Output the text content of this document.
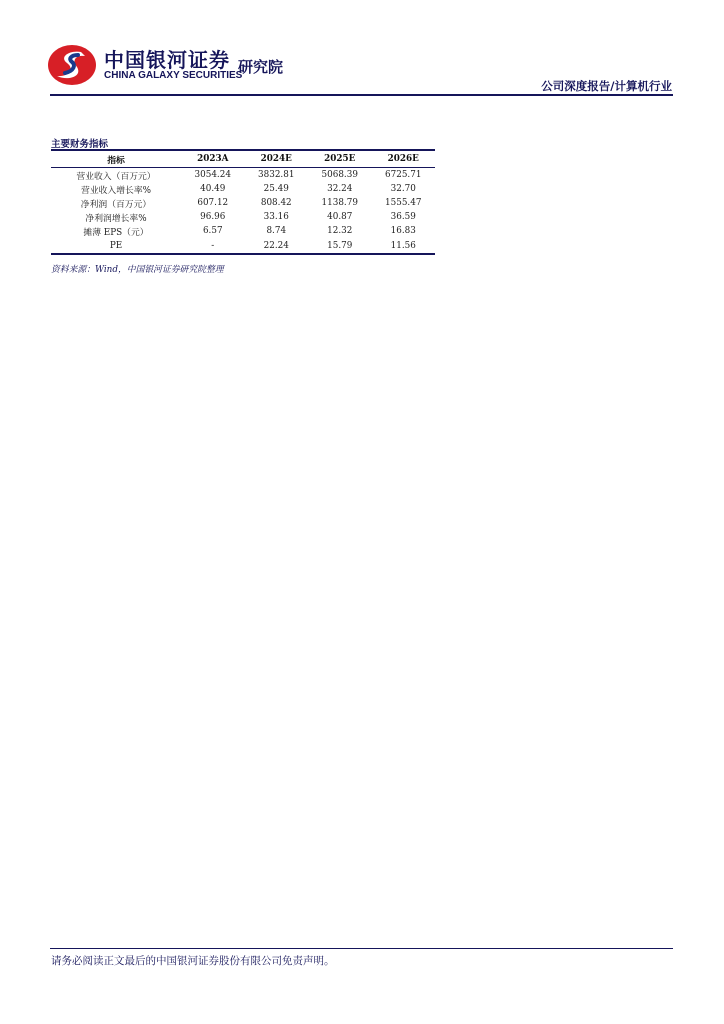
中国银河证券
CHINA GALAXY SECURITIES
研究院
公司深度报告/计算机行业
主要财务指标
指标	2023A	2024E	2025E	2026E
营业收入（百万元）	3054.24	3832.81	5068.39	6725.71
营业收入增长率%	40.49	25.49	32.24	32.70
净利润（百万元）	607.12	808.42	1138.79	1555.47
净利润增长率%	96.96	33.16	40.87	36.59
摊薄 EPS（元）	6.57	8.74	12.32	16.83
PE	-	22.24	15.79	11.56
资料来源：Wind，中国银河证券研究院整理
请务必阅读正文最后的中国银河证券股份有限公司免责声明。
